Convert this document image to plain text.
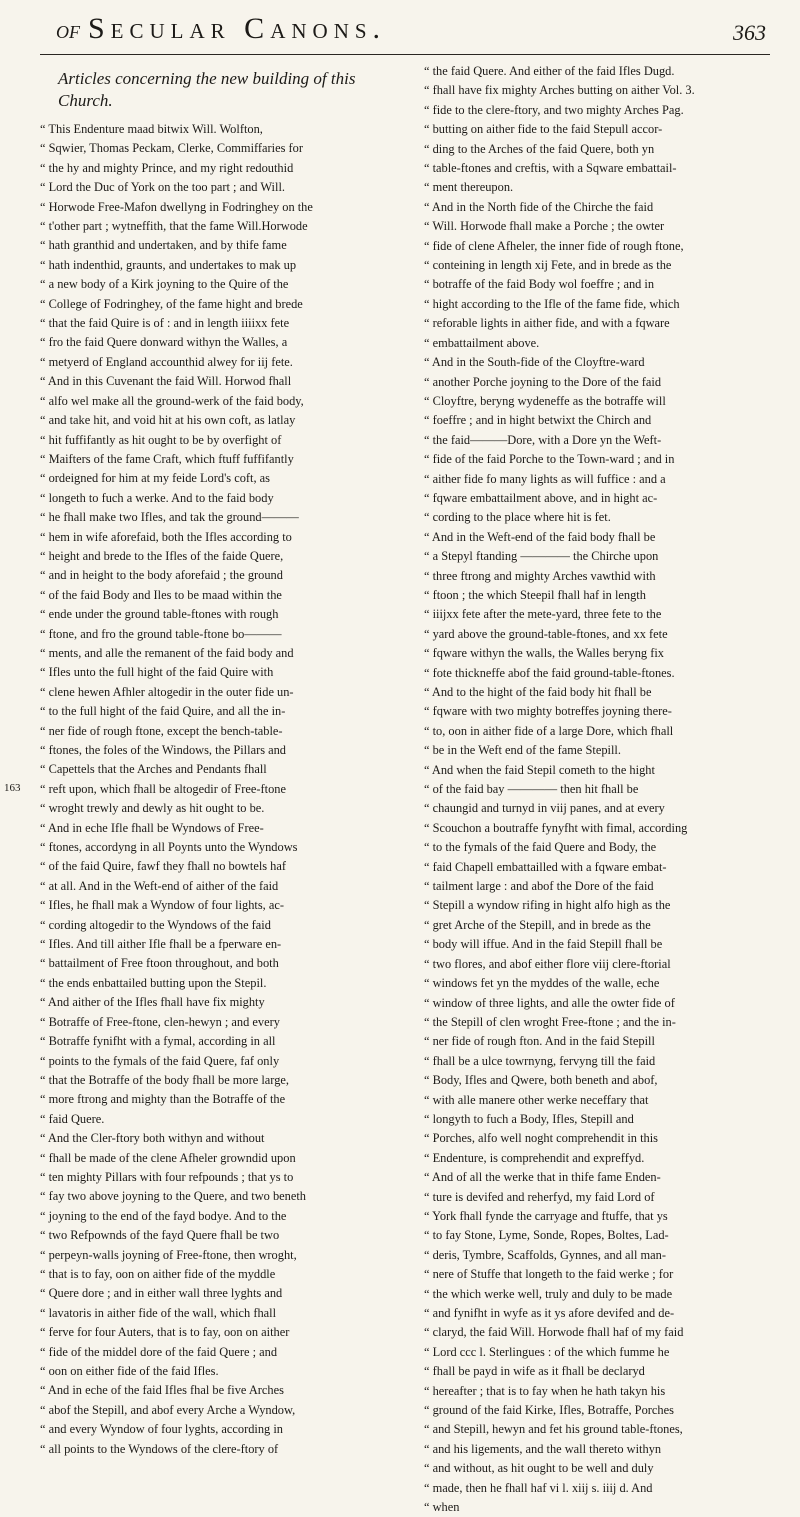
of Secular Canons.	363
163
Articles concerning the new building of this Church.
“ This Endenture maad bitwix Will. Wolfton,
“ Sqwier, Thomas Peckam, Clerke, Commiffaries for
“ the hy and mighty Prince, and my right redouthid
“ Lord the Duc of York on the too part ; and Will.
“ Horwode Free-Mafon dwellyng in Fodringhey on the
“ t'other part ; wytneffith, that the fame Will.Horwode
“ hath granthid and undertaken, and by thife fame
“ hath indenthid, graunts, and undertakes to mak up
“ a new body of a Kirk joyning to the Quire of the
“ College of Fodringhey, of the fame hight and brede
“ that the faid Quire is of : and in length iiiixx fete
“ fro the faid Quere donward withyn the Walles, a
“ metyerd of England accounthid alwey for iij fete.
“ And in this Cuvenant the faid Will. Horwod fhall
“ alfo wel make all the ground-werk of the faid body,
“ and take hit, and void hit at his own coft, as latlay
“ hit fuffifantly as hit ought to be by overfight of
“ Maifters of the fame Craft, which ftuff fuffifantly
“ ordeigned for him at my feide Lord's coft, as
“ longeth to fuch a werke. And to the faid body
“ he fhall make two Ifles, and tak the ground———
“ hem in wife aforefaid, both the Ifles according to
“ height and brede to the Ifles of the faide Quere,
“ and in height to the body aforefaid ; the ground
“ of the faid Body and Iles to be maad within the
“ ende under the ground table-ftones with rough
“ ftone, and fro the ground table-ftone bo———
“ ments, and alle the remanent of the faid body and
“ Ifles unto the full hight of the faid Quire with
“ clene hewen Afhler altogedir in the outer fide un-
“ to the full hight of the faid Quire, and all the in-
“ ner fide of rough ftone, except the bench-table-
“ ftones, the foles of the Windows, the Pillars and
“ Capettels that the Arches and Pendants fhall
“ reft upon, which fhall be altogedir of Free-ftone
“ wroght trewly and dewly as hit ought to be.
“ And in eche Ifle fhall be Wyndows of Free-
“ ftones, accordyng in all Poynts unto the Wyndows
“ of the faid Quire, fawf they fhall no bowtels haf
“ at all. And in the Weft-end of aither of the faid
“ Ifles, he fhall mak a Wyndow of four lights, ac-
“ cording altogedir to the Wyndows of the faid
“ Ifles. And till aither Ifle fhall be a fperware en-
“ battailment of Free ftoon throughout, and both
“ the ends enbattailed butting upon the Stepil.
“ And aither of the Ifles fhall have fix mighty
“ Botraffe of Free-ftone, clen-hewyn ; and every
“ Botraffe fynifht with a fymal, according in all
“ points to the fymals of the faid Quere, faf only
“ that the Botraffe of the body fhall be more large,
“ more ftrong and mighty than the Botraffe of the
“ faid Quere.
“ And the Cler-ftory both withyn and without
“ fhall be made of the clene Afheler growndid upon
“ ten mighty Pillars with four refpounds ; that ys to
“ fay two above joyning to the Quere, and two beneth
“ joyning to the end of the fayd bodye. And to the
“ two Refpownds of the fayd Quere fhall be two
“ perpeyn-walls joyning of Free-ftone, then wroght,
“ that is to fay, oon on aither fide of the myddle
“ Quere dore ; and in either wall three lyghts and
“ lavatoris in aither fide of the wall, which fhall
“ ferve for four Auters, that is to fay, oon on aither
“ fide of the middel dore of the faid Quere ; and
“ oon on either fide of the faid Ifles.
“ And in eche of the faid Ifles fhal be five Arches
“ abof the Stepill, and abof every Arche a Wyndow,
“ and every Wyndow of four lyghts, according in
“ all points to the Wyndows of the clere-ftory of
“ the faid Quere. And either of the faid Ifles Dugd.
“ fhall have fix mighty Arches butting on aither Vol. 3.
“ fide to the clere-ftory, and two mighty Arches Pag.
“ butting on aither fide to the faid Stepull accor-
“ ding to the Arches of the faid Quere, both yn
“ table-ftones and creftis, with a Sqware embattail-
“ ment thereupon.
“ And in the North fide of the Chirche the faid
“ Will. Horwode fhall make a Porche ; the owter
“ fide of clene Afheler, the inner fide of rough ftone,
“ conteining in length xij Fete, and in brede as the
“ botraffe of the faid Body wol foeffre ; and in
“ hight according to the Ifle of the fame fide, which
“ reforable lights in aither fide, and with a fqware
“ embattailment above.
“ And in the South-fide of the Cloyftre-ward
“ another Porche joyning to the Dore of the faid
“ Cloyftre, beryng wydeneffe as the botraffe will
“ foeffre ; and in hight betwixt the Chirch and
“ the faid———Dore, with a Dore yn the Weft-
“ fide of the faid Porche to the Town-ward ; and in
“ aither fide fo many lights as will fuffice : and a
“ fqware embattailment above, and in hight ac-
“ cording to the place where hit is fet.
“ And in the Weft-end of the faid body fhall be
“ a Stepyl ftanding ———— the Chirche upon
“ three ftrong and mighty Arches vawthid with
“ ftoon ; the which Steepil fhall haf in length
“ iiijxx fete after the mete-yard, three fete to the
“ yard above the ground-table-ftones, and xx fete
“ fqware withyn the walls, the Walles beryng fix
“ fote thickneffe abof the faid ground-table-ftones.
“ And to the hight of the faid body hit fhall be
“ fqware with two mighty botreffes joyning there-
“ to, oon in aither fide of a large Dore, which fhall
“ be in the Weft end of the fame Stepill.
“ And when the faid Stepil cometh to the hight
“ of the faid bay ———— then hit fhall be
“ chaungid and turnyd in viij panes, and at every
“ Scouchon a boutraffe fynyfht with fimal, according
“ to the fymals of the faid Quere and Body, the
“ faid Chapell embattailled with a fqware embat-
“ tailment large : and abof the Dore of the faid
“ Stepill a wyndow rifing in hight alfo high as the
“ gret Arche of the Stepill, and in brede as the
“ body will iffue. And in the faid Stepill fhall be
“ two flores, and abof either flore viij clere-ftorial
“ windows fet yn the myddes of the walle, eche
“ window of three lights, and alle the owter fide of
“ the Stepill of clen wroght Free-ftone ; and the in-
“ ner fide of rough fton. And in the faid Stepill
“ fhall be a ulce towrnyng, fervyng till the faid
“ Body, Ifles and Qwere, both beneth and abof,
“ with alle manere other werke neceffary that
“ longyth to fuch a Body, Ifles, Stepill and
“ Porches, alfo well noght comprehendit in this
“ Endenture, is comprehendit and expreffyd.
“ And of all the werke that in thife fame Enden-
“ ture is devifed and reherfyd, my faid Lord of
“ York fhall fynde the carryage and ftuffe, that ys
“ to fay Stone, Lyme, Sonde, Ropes, Boltes, Lad-
“ deris, Tymbre, Scaffolds, Gynnes, and all man-
“ nere of Stuffe that longeth to the faid werke ; for
“ the which werke well, truly and duly to be made
“ and fynifht in wyfe as it ys afore devifed and de-
“ claryd, the faid Will. Horwode fhall haf of my faid
“ Lord ccc l. Sterlingues : of the which fumme he
“ fhall be payd in wife as it fhall be declaryd
“ hereafter ; that is to fay when he hath takyn his
“ ground of the faid Kirke, Ifles, Botraffe, Porches
“ and Stepill, hewyn and fet his ground table-ftones,
“ and his ligements, and the wall thereto withyn
“ and without, as hit ought to be well and duly
“ made, then he fhall haf vi l. xiij s. iiij d. And
“ when
